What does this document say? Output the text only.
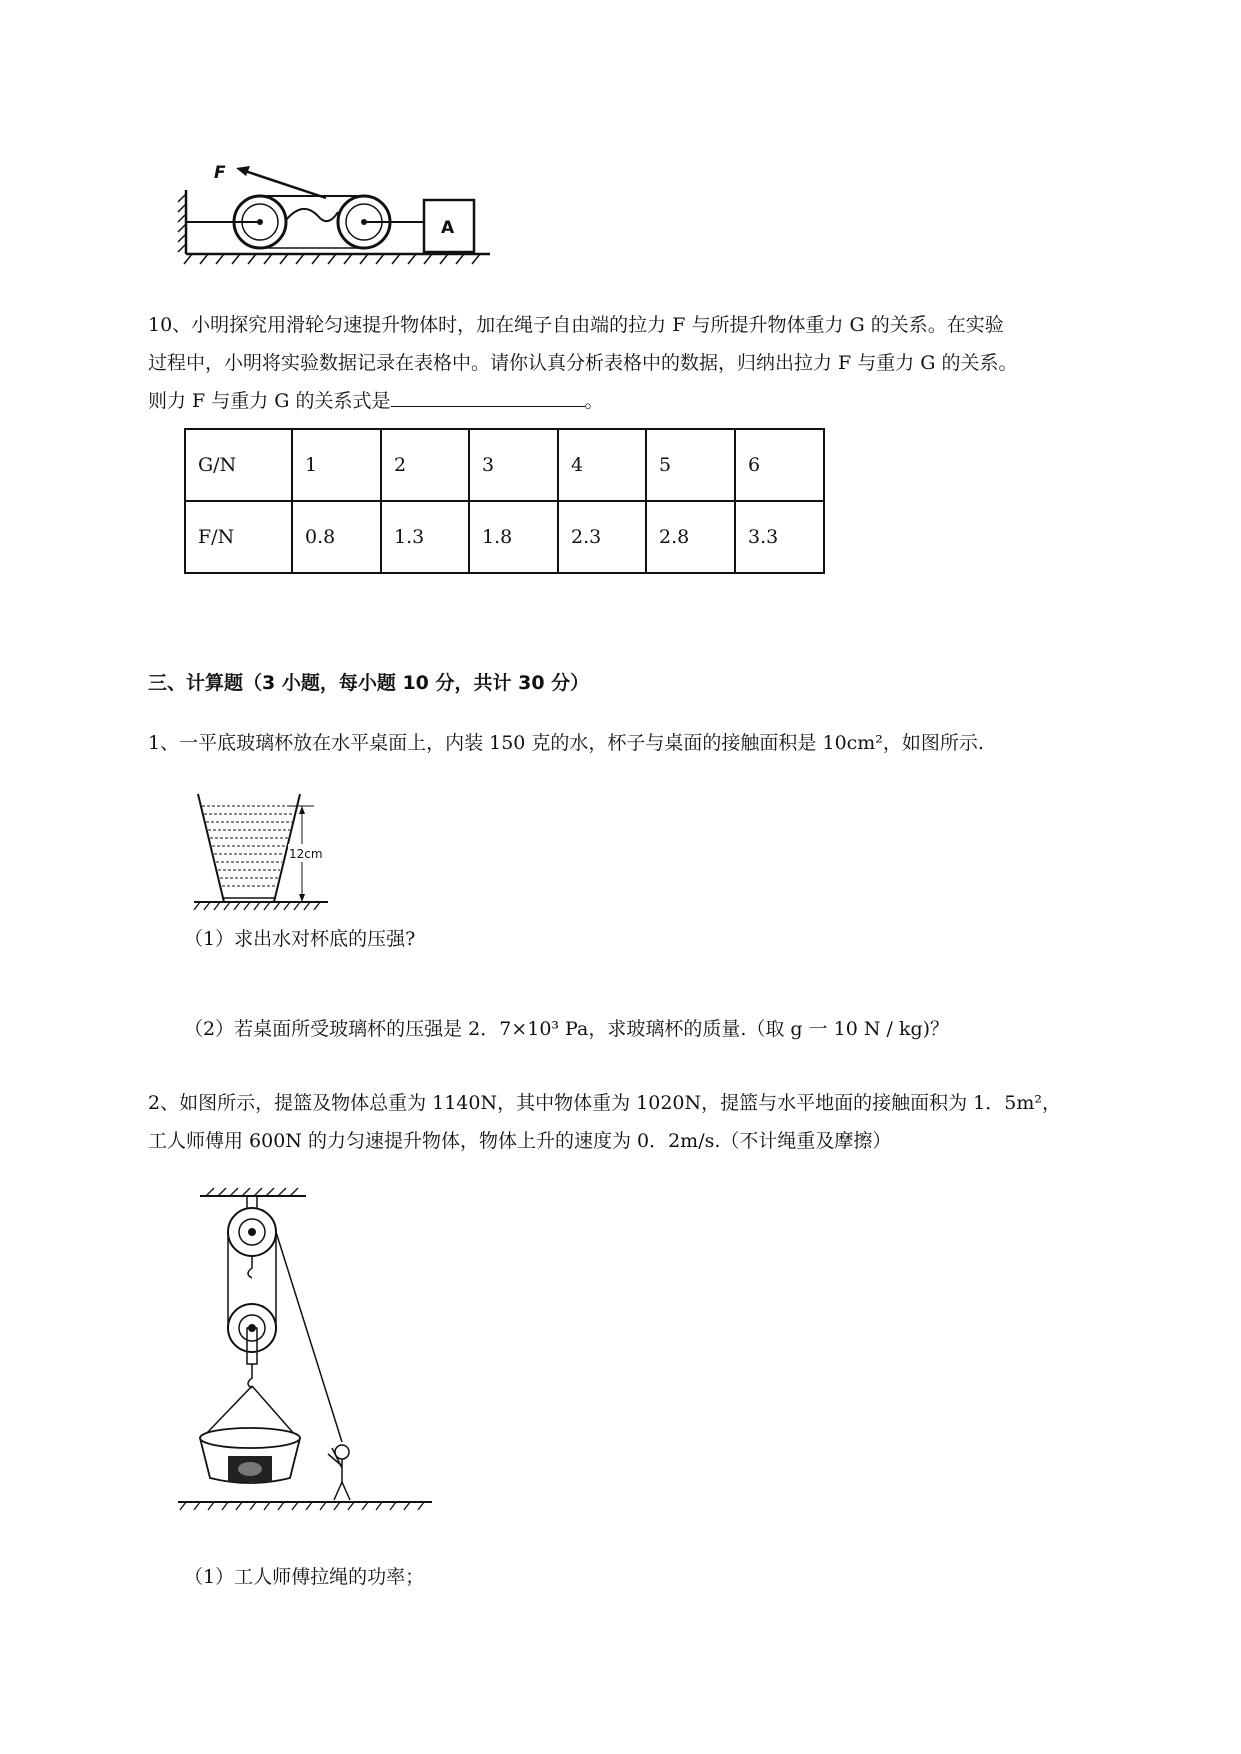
F
A
10、小明探究用滑轮匀速提升物体时，加在绳子自由端的拉力 F 与所提升物体重力 G 的关系。在实验
过程中，小明将实验数据记录在表格中。请你认真分析表格中的数据，归纳出拉力 F 与重力 G 的关系。
则力 F 与重力 G 的关系式是	。
G/N	1	2	3	4	5	6
F/N	0.8	1.3	1.8	2.3	2.8	3.3
三、计算题（3 小题，每小题 10 分，共计 30 分）
1、一平底玻璃杯放在水平桌面上，内装 150 克的水，杯子与桌面的接触面积是 10cm²，如图所示.
12cm
（1）求出水对杯底的压强?
（2）若桌面所受玻璃杯的压强是 2．7×10³ Pa，求玻璃杯的质量.（取 g 一 10 N / kg)？
2、如图所示，提篮及物体总重为 1140N，其中物体重为 1020N，提篮与水平地面的接触面积为 1．5m²，
工人师傅用 600N 的力匀速提升物体，物体上升的速度为 0．2m/s.（不计绳重及摩擦）
（1）工人师傅拉绳的功率；
